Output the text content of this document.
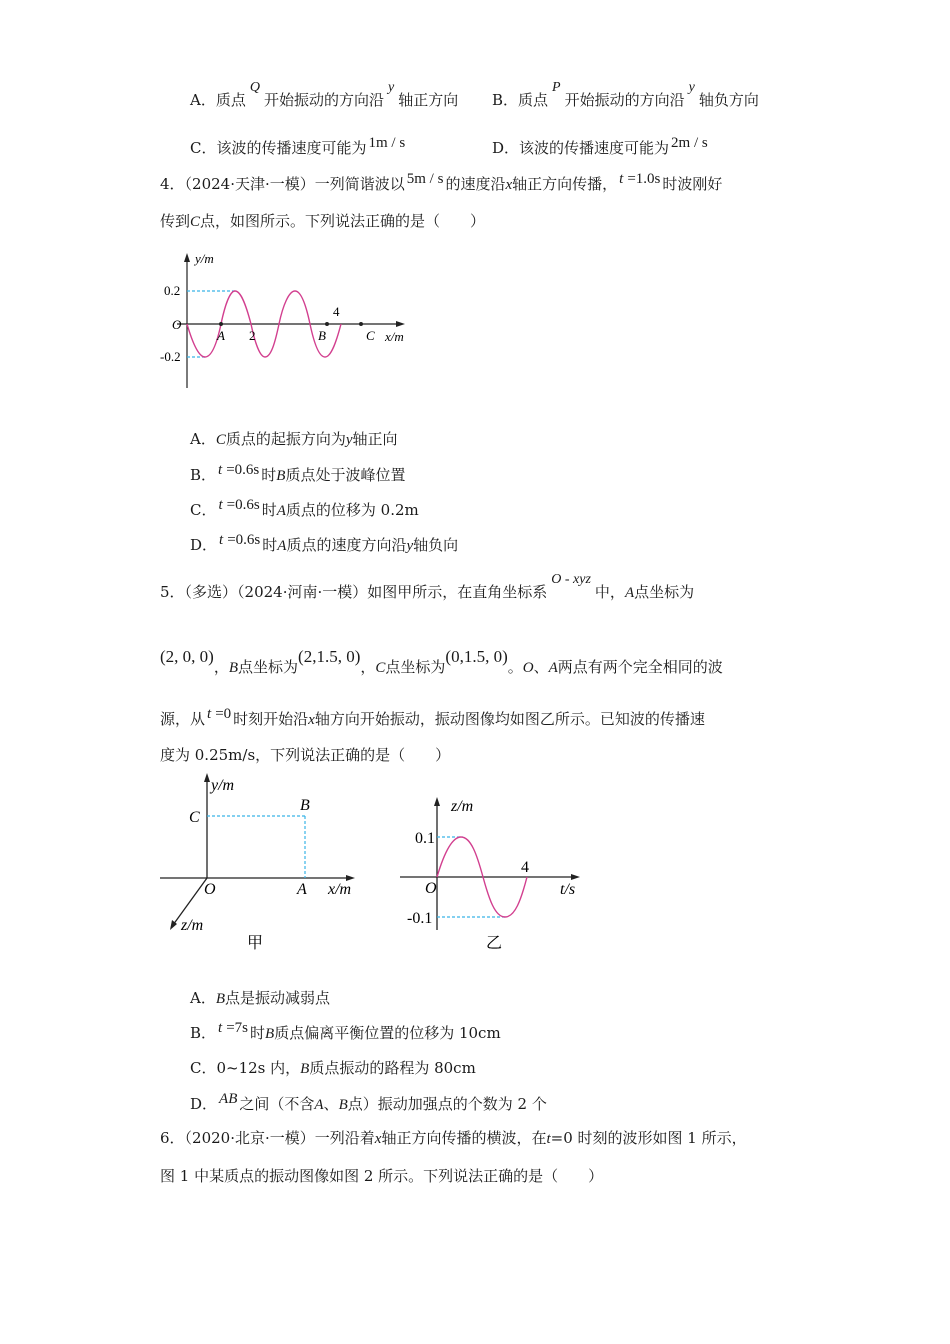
A．质点Q开始振动的方向沿y轴正方向 B．质点P开始振动的方向沿y轴负方向
C．该波的传播速度可能为 1m / s	D．该波的传播速度可能为 2m / s
4．（2024·天津·一模）一列简谐波以 5m / s 的速度沿x轴正方向传播， t =1.0s 时波刚好
传到C点，如图所示。下列说法正确的是（　　）
y/m
0.2
O
-0.2
A 2	B
4
C x/m
A．C质点的起振方向为y轴正向
B． t =0.6s 时B质点处于波峰位置
C． t =0.6s 时A质点的位移为 0.2m
D． t =0.6s 时A质点的速度方向沿y轴负向
5．（多选）（2024·河南·一模）如图甲所示，在直角坐标系O - xyz中，A点坐标为
(2, 0, 0)，B点坐标为(2,1.5, 0)，C点坐标为(0,1.5, 0)。O、A两点有两个完全相同的波
源，从 t =0 时刻开始沿x轴方向开始振动，振动图像均如图乙所示。已知波的传播速
度为 0.25m/s，下列说法正确的是（　　）
y/m
C
B
O	A x/m
z/m
甲
z/m
0.1
O
4
t/s
-0.1
乙
A．B点是振动减弱点
B． t =7s 时B质点偏离平衡位置的位移为 10cm
C．0~12s 内，B质点振动的路程为 80cm
D． AB 之间（不含A、B点）振动加强点的个数为 2 个
6．（2020·北京·一模）一列沿着x轴正方向传播的横波，在t=0 时刻的波形如图 1 所示，
图 1 中某质点的振动图像如图 2 所示。下列说法正确的是（　　）
